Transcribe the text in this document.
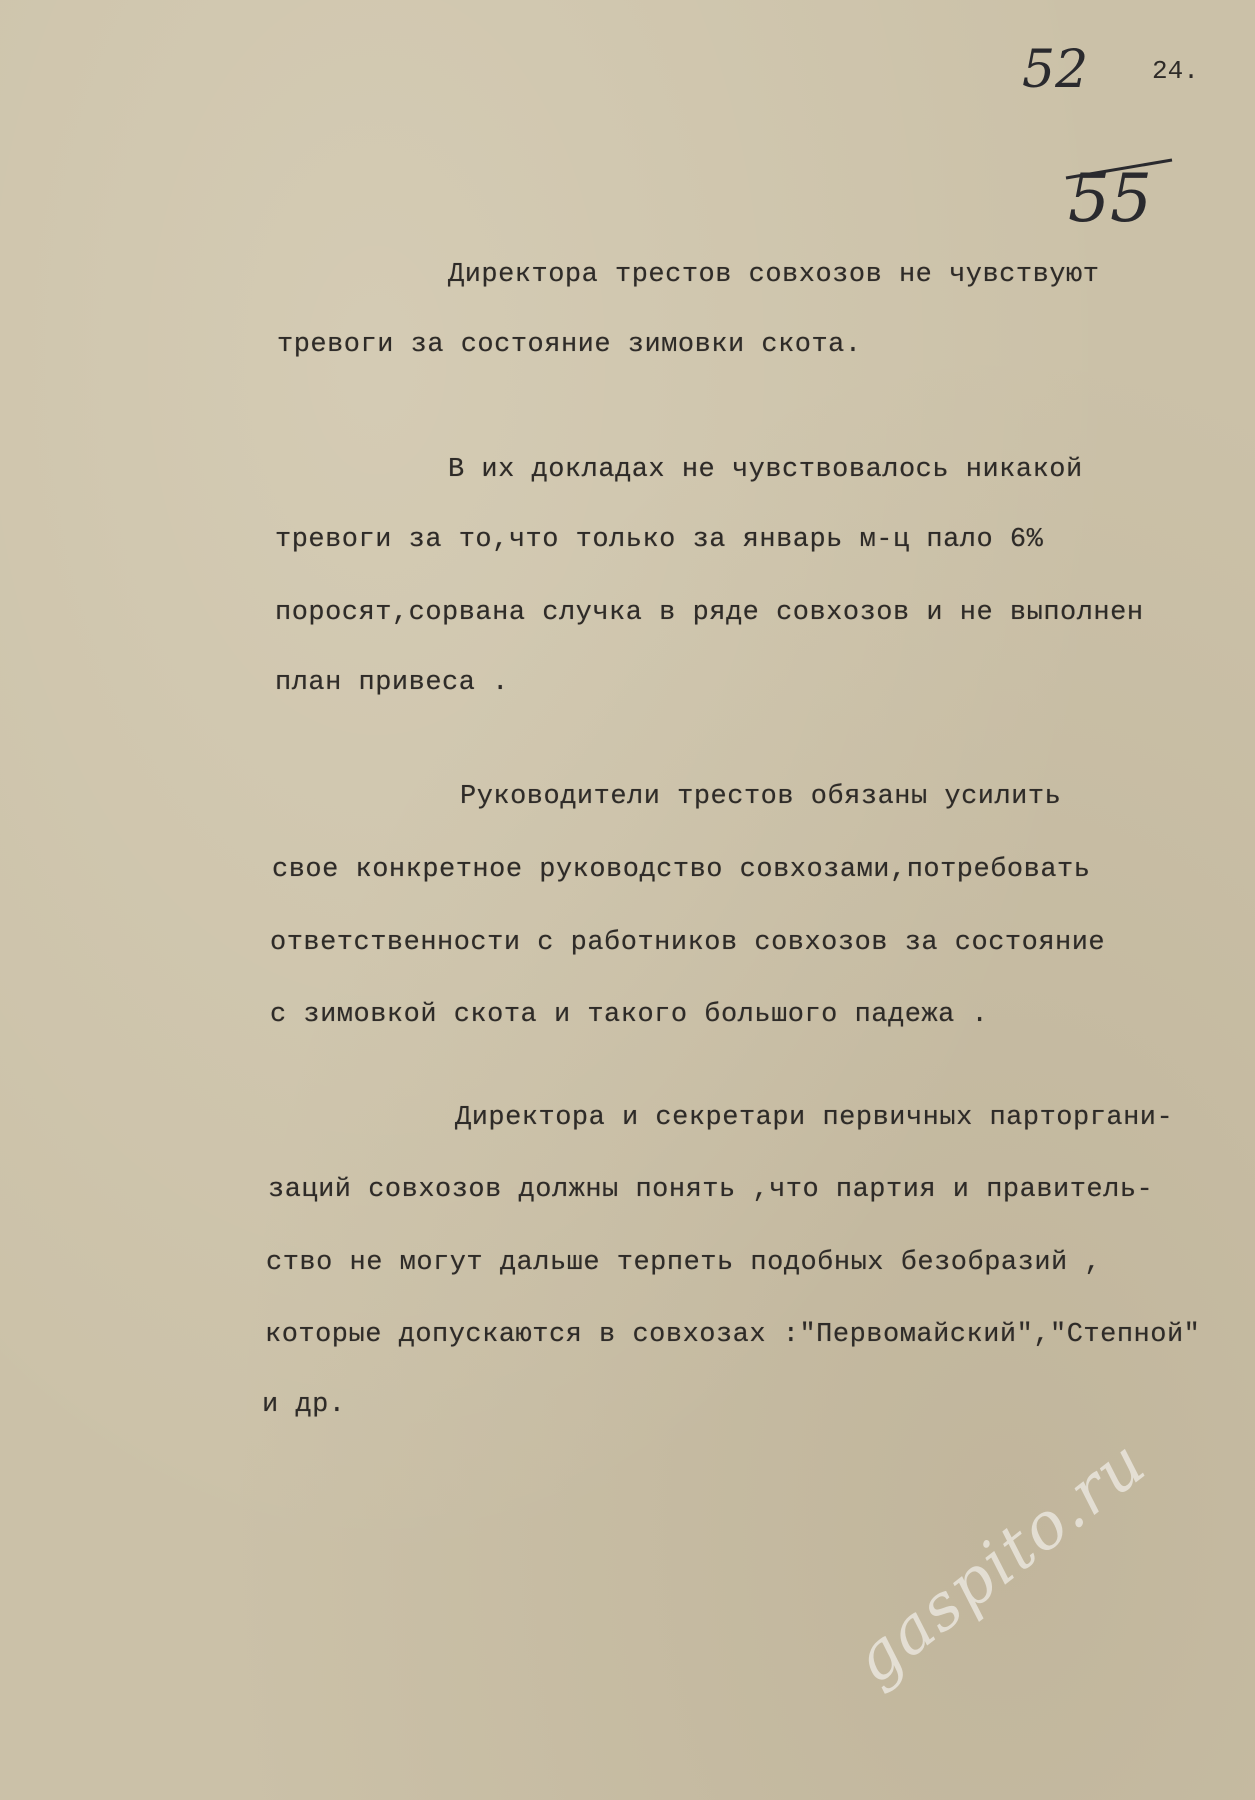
52 24.
55
Директора трестов совхозов не чувствуют
тревоги за состояние зимовки скота.
В их докладах не чувствовалось никакой
тревоги за то,что только за январь м-ц пало 6%
поросят,сорвана случка в ряде совхозов и не выполнен
план привеса .
Руководители трестов обязаны усилить
свое конкретное руководство совхозами,потребовать
ответственности с работников совхозов за состояние
с зимовкой скота и такого большого падежа .
Директора и секретари первичных парторгани-
заций совхозов должны понять ,что партия и правитель-
ство не могут дальше терпеть подобных безобразий ,
которые допускаются в совхозах :"Первомайский","Степной"
и др.
gaspito.ru
